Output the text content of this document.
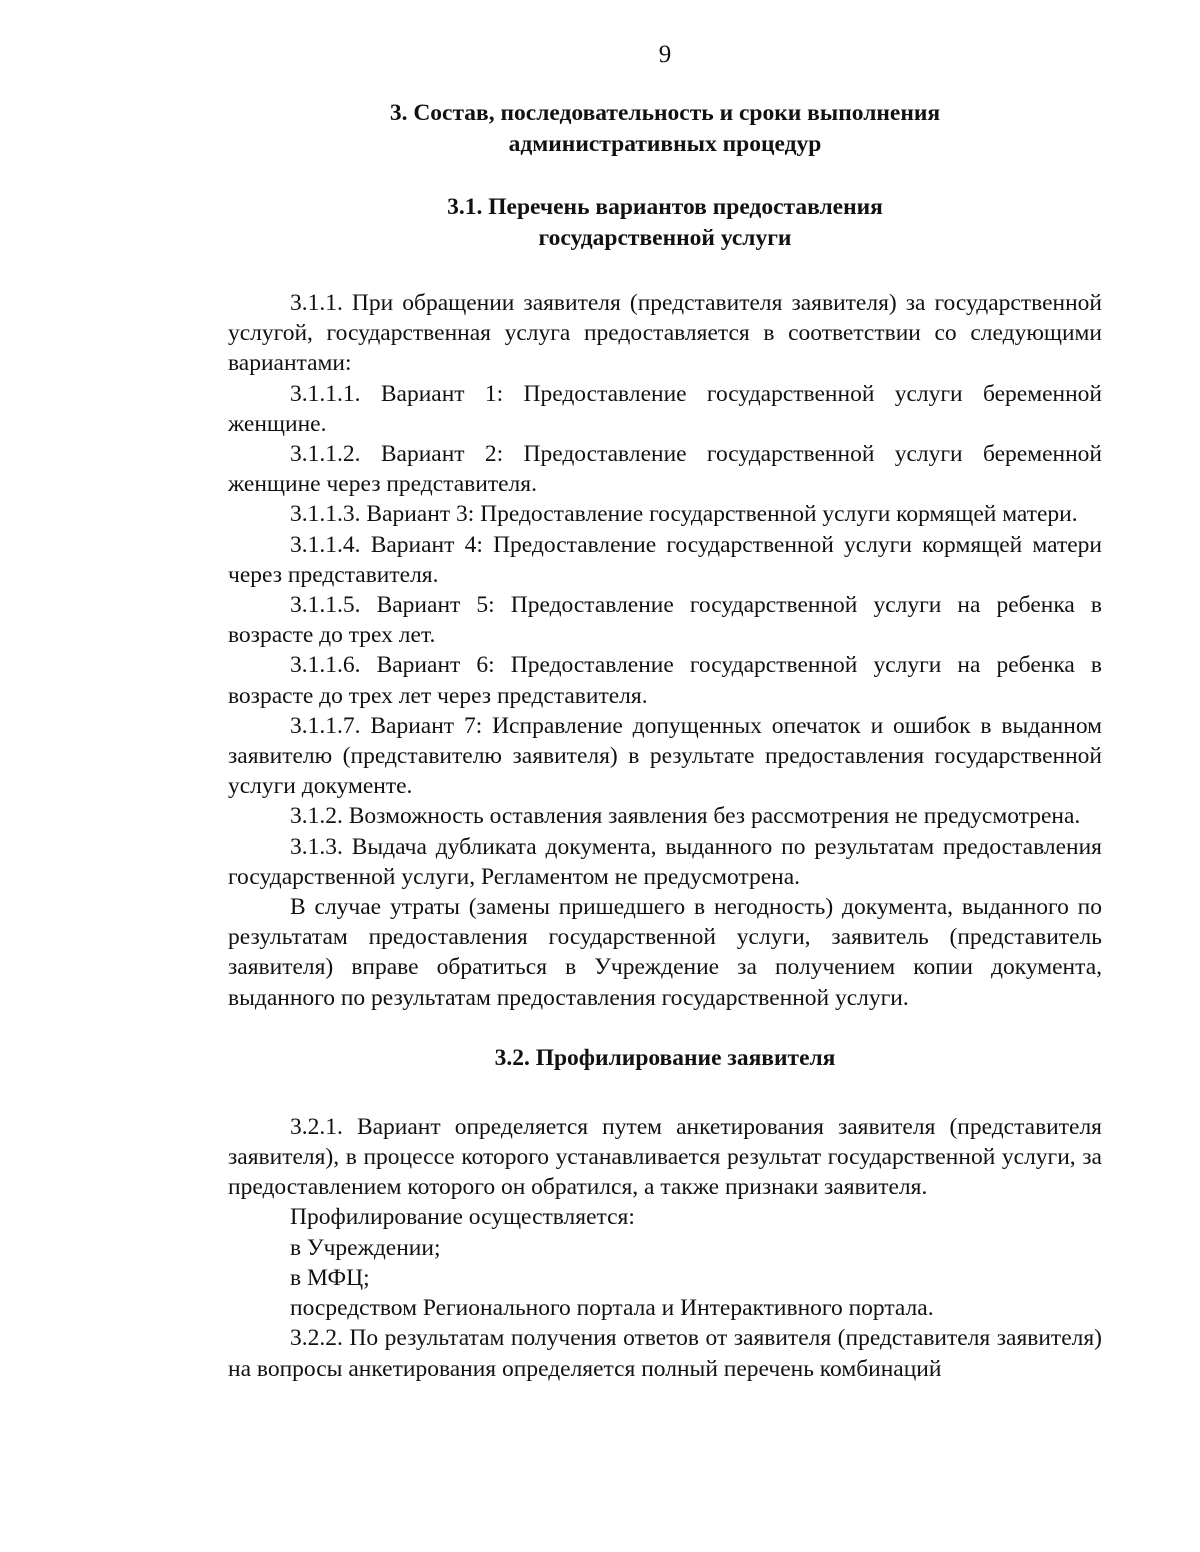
9
3. Состав, последовательность и сроки выполнения
административных процедур
3.1. Перечень вариантов предоставления
государственной услуги

3.1.1. При обращении заявителя (представителя заявителя) за государственной услугой, государственная услуга предоставляется в соответствии со следующими вариантами:

3.1.1.1. Вариант 1: Предоставление государственной услуги беременной женщине.

3.1.1.2. Вариант 2: Предоставление государственной услуги беременной женщине через представителя.

3.1.1.3. Вариант 3: Предоставление государственной услуги кормящей матери.

3.1.1.4. Вариант 4: Предоставление государственной услуги кормящей матери через представителя.

3.1.1.5. Вариант 5: Предоставление государственной услуги на ребенка в возрасте до трех лет.

3.1.1.6. Вариант 6: Предоставление государственной услуги на ребенка в возрасте до трех лет через представителя.

3.1.1.7. Вариант 7: Исправление допущенных опечаток и ошибок в выданном заявителю (представителю заявителя) в результате предоставления государственной услуги документе.

3.1.2. Возможность оставления заявления без рассмотрения не предусмотрена.

3.1.3. Выдача дубликата документа, выданного по результатам предоставления государственной услуги, Регламентом не предусмотрена.

В случае утраты (замены пришедшего в негодность) документа, выданного по результатам предоставления государственной услуги, заявитель (представитель заявителя) вправе обратиться в Учреждение за получением копии документа, выданного по результатам предоставления государственной услуги.

3.2. Профилирование заявителя

3.2.1. Вариант определяется путем анкетирования заявителя (представителя заявителя), в процессе которого устанавливается результат государственной услуги, за предоставлением которого он обратился, а также признаки заявителя.

Профилирование осуществляется:

в Учреждении;

в МФЦ;

посредством Регионального портала и Интерактивного портала.

3.2.2. По результатам получения ответов от заявителя (представителя заявителя) на вопросы анкетирования определяется полный перечень комбинаций
